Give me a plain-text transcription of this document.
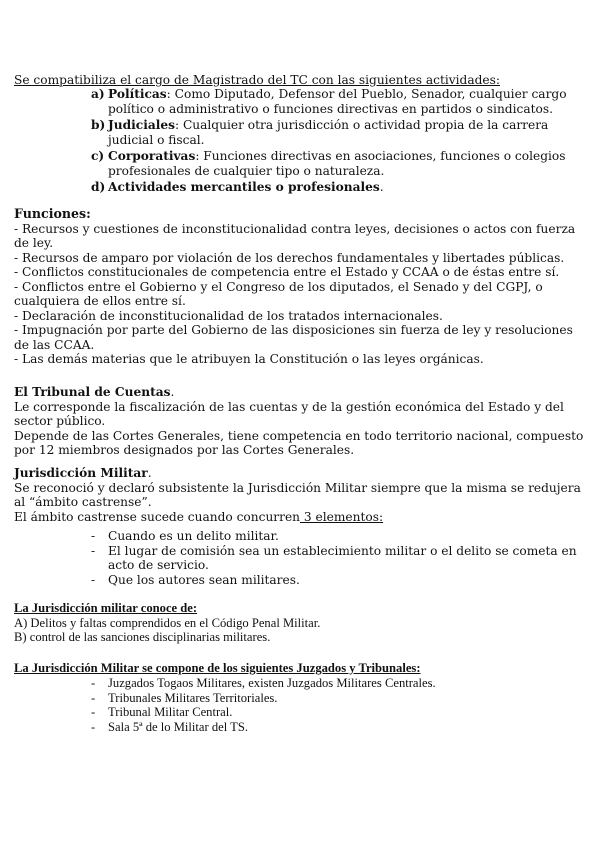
Se compatibiliza el cargo de Magistrado del TC con las siguientes actividades:
a) Políticas: Como Diputado, Defensor del Pueblo, Senador, cualquier cargo político o administrativo o funciones directivas en partidos o sindicatos.
b) Judiciales: Cualquier otra jurisdicción o actividad propia de la carrera judicial o fiscal.
c) Corporativas: Funciones directivas en asociaciones, funciones o colegios profesionales de cualquier tipo o naturaleza.
d) Actividades mercantiles o profesionales.
Funciones:
- Recursos y cuestiones de inconstitucionalidad contra leyes, decisiones o actos con fuerza de ley.
- Recursos de amparo por violación de los derechos fundamentales y libertades públicas.
- Conflictos constitucionales de competencia entre el Estado y CCAA o de éstas entre sí.
- Conflictos entre el Gobierno y el Congreso de los diputados, el Senado y del CGPJ, o cualquiera de ellos entre sí.
- Declaración de inconstitucionalidad de los tratados internacionales.
- Impugnación por parte del Gobierno de las disposiciones sin fuerza de ley y resoluciones de las CCAA.
- Las demás materias que le atribuyen la Constitución o las leyes orgánicas.
El Tribunal de Cuentas.
Le corresponde la fiscalización de las cuentas y de la gestión económica del Estado y del sector público.
Depende de las Cortes Generales, tiene competencia en todo territorio nacional, compuesto por 12 miembros designados por las Cortes Generales.
Jurisdicción Militar.
Se reconoció y declaró subsistente la Jurisdicción Militar siempre que la misma se redujera al “ámbito castrense”.
El ámbito castrense sucede cuando concurren 3 elementos:
- Cuando es un delito militar.
- El lugar de comisión sea un establecimiento militar o el delito se cometa en acto de servicio.
- Que los autores sean militares.
La Jurisdicción militar conoce de:
A) Delitos y faltas comprendidos en el Código Penal Militar.
B) control de las sanciones disciplinarias militares.
La Jurisdicción Militar se compone de los siguientes Juzgados y Tribunales:
- Juzgados Togaos Militares, existen Juzgados Militares Centrales.
- Tribunales Militares Territoriales.
- Tribunal Militar Central.
- Sala 5ª de lo Militar del TS.
